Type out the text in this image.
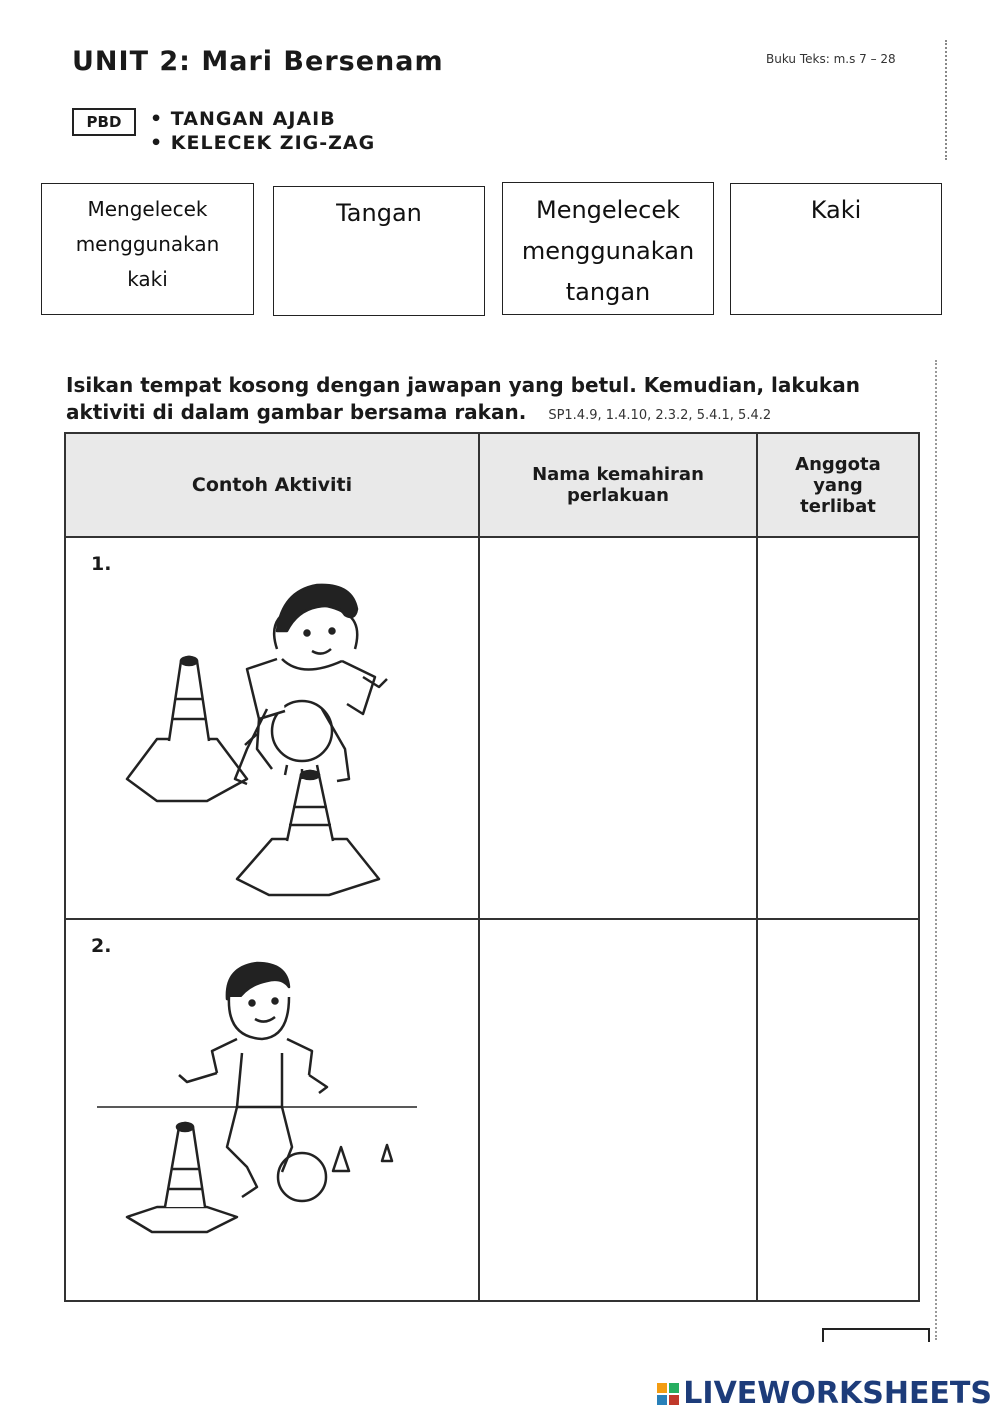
UNIT 2: Mari Bersenam	Buku Teks: m.s 7 – 28
PBD	• TANGAN AJAIB
• KELECEK ZIG-ZAG
Mengelecek
menggunakan
kaki
Tangan	Mengelecek
menggunakan
tangan
Kaki
Isikan tempat kosong dengan jawapan yang betul. Kemudian, lakukan
aktiviti di dalam gambar bersama rakan. SP1.4.9, 1.4.10, 2.3.2, 5.4.1, 5.4.2
Contoh Aktiviti	Nama kemahiran perlakuan	Anggota yang terlibat

1.		

2.		

LIVEWORKSHEETS
